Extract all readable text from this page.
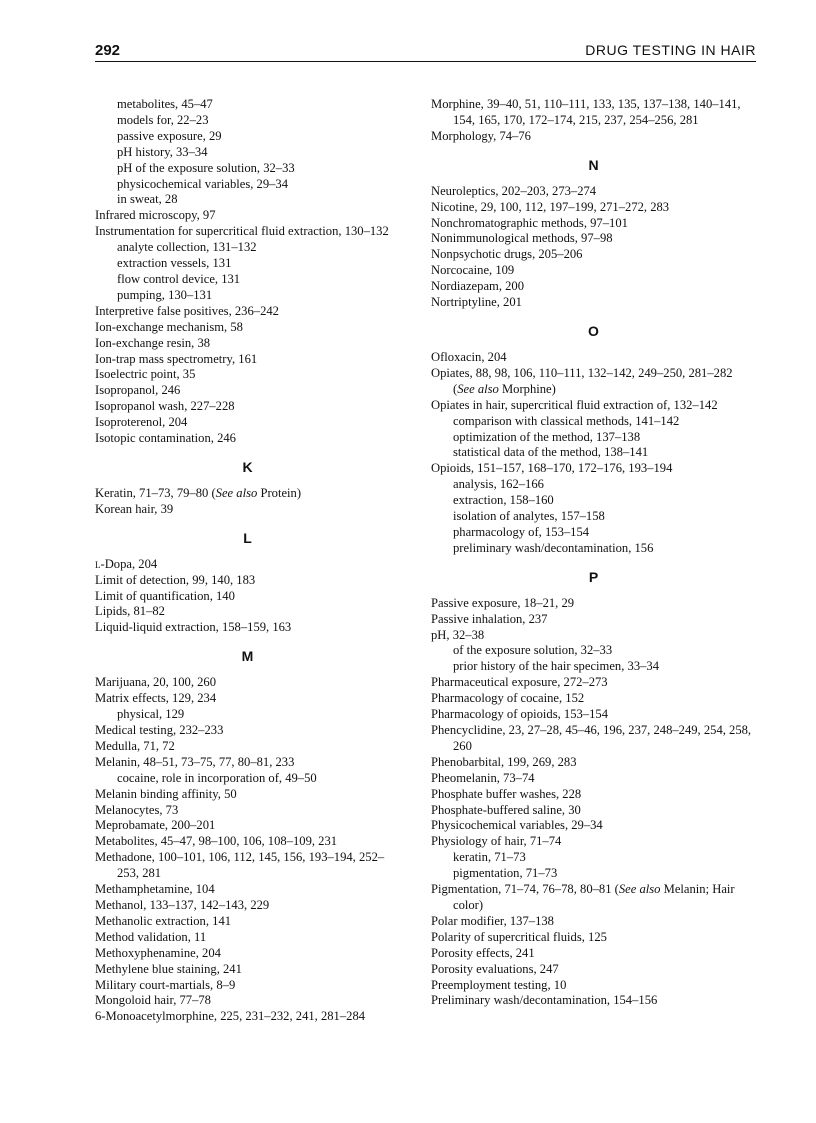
292	DRUG TESTING IN HAIR
metabolites, 45–47
models for, 22–23
passive exposure, 29
pH history, 33–34
pH of the exposure solution, 32–33
physicochemical variables, 29–34
in sweat, 28
Infrared microscopy, 97
Instrumentation for supercritical fluid extraction, 130–132
analyte collection, 131–132
extraction vessels, 131
flow control device, 131
pumping, 130–131
Interpretive false positives, 236–242
Ion-exchange mechanism, 58
Ion-exchange resin, 38
Ion-trap mass spectrometry, 161
Isoelectric point, 35
Isopropanol, 246
Isopropanol wash, 227–228
Isoproterenol, 204
Isotopic contamination, 246
K
Keratin, 71–73, 79–80 (See also Protein)
Korean hair, 39
L
l-Dopa, 204
Limit of detection, 99, 140, 183
Limit of quantification, 140
Lipids, 81–82
Liquid-liquid extraction, 158–159, 163
M
Marijuana, 20, 100, 260
Matrix effects, 129, 234
physical, 129
Medical testing, 232–233
Medulla, 71, 72
Melanin, 48–51, 73–75, 77, 80–81, 233
cocaine, role in incorporation of, 49–50
Melanin binding affinity, 50
Melanocytes, 73
Meprobamate, 200–201
Metabolites, 45–47, 98–100, 106, 108–109, 231
Methadone, 100–101, 106, 112, 145, 156, 193–194, 252–253, 281
Methamphetamine, 104
Methanol, 133–137, 142–143, 229
Methanolic extraction, 141
Method validation, 11
Methoxyphenamine, 204
Methylene blue staining, 241
Military court-martials, 8–9
Mongoloid hair, 77–78
6-Monoacetylmorphine, 225, 231–232, 241, 281–284
Morphine, 39–40, 51, 110–111, 133, 135, 137–138, 140–141, 154, 165, 170, 172–174, 215, 237, 254–256, 281
Morphology, 74–76
N
Neuroleptics, 202–203, 273–274
Nicotine, 29, 100, 112, 197–199, 271–272, 283
Nonchromatographic methods, 97–101
Nonimmunological methods, 97–98
Nonpsychotic drugs, 205–206
Norcocaine, 109
Nordiazepam, 200
Nortriptyline, 201
O
Ofloxacin, 204
Opiates, 88, 98, 106, 110–111, 132–142, 249–250, 281–282 (See also Morphine)
Opiates in hair, supercritical fluid extraction of, 132–142
comparison with classical methods, 141–142
optimization of the method, 137–138
statistical data of the method, 138–141
Opioids, 151–157, 168–170, 172–176, 193–194
analysis, 162–166
extraction, 158–160
isolation of analytes, 157–158
pharmacology of, 153–154
preliminary wash/decontamination, 156
P
Passive exposure, 18–21, 29
Passive inhalation, 237
pH, 32–38
of the exposure solution, 32–33
prior history of the hair specimen, 33–34
Pharmaceutical exposure, 272–273
Pharmacology of cocaine, 152
Pharmacology of opioids, 153–154
Phencyclidine, 23, 27–28, 45–46, 196, 237, 248–249, 254, 258, 260
Phenobarbital, 199, 269, 283
Pheomelanin, 73–74
Phosphate buffer washes, 228
Phosphate-buffered saline, 30
Physicochemical variables, 29–34
Physiology of hair, 71–74
keratin, 71–73
pigmentation, 71–73
Pigmentation, 71–74, 76–78, 80–81 (See also Melanin; Hair color)
Polar modifier, 137–138
Polarity of supercritical fluids, 125
Porosity effects, 241
Porosity evaluations, 247
Preemployment testing, 10
Preliminary wash/decontamination, 154–156
